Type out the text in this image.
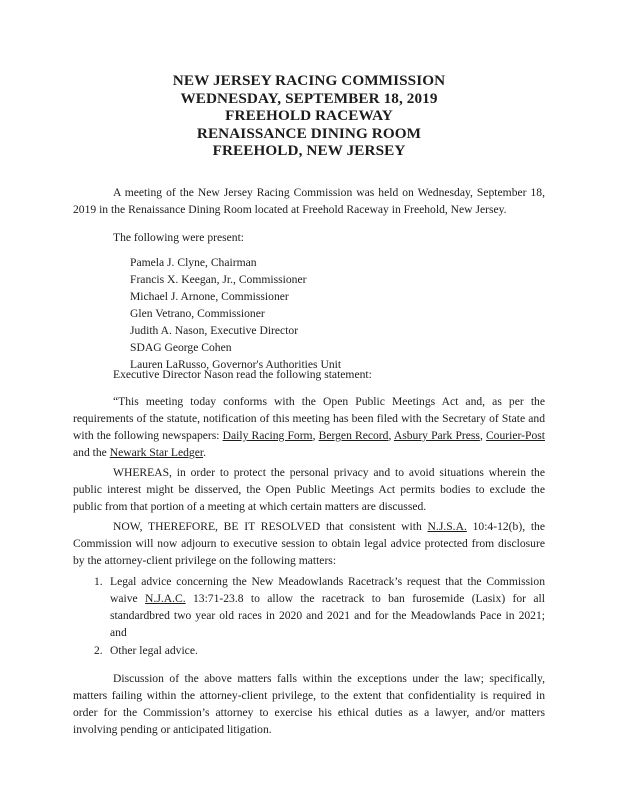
NEW JERSEY RACING COMMISSION
WEDNESDAY, SEPTEMBER 18, 2019
FREEHOLD RACEWAY
RENAISSANCE DINING ROOM
FREEHOLD, NEW JERSEY
A meeting of the New Jersey Racing Commission was held on Wednesday, September 18, 2019 in the Renaissance Dining Room located at Freehold Raceway in Freehold, New Jersey.
The following were present:
Pamela J. Clyne, Chairman
Francis X. Keegan, Jr., Commissioner
Michael J. Arnone, Commissioner
Glen Vetrano, Commissioner
Judith A. Nason, Executive Director
SDAG George Cohen
Lauren LaRusso, Governor's Authorities Unit
Executive Director Nason read the following statement:
“This meeting today conforms with the Open Public Meetings Act and, as per the requirements of the statute, notification of this meeting has been filed with the Secretary of State and with the following newspapers: Daily Racing Form, Bergen Record, Asbury Park Press, Courier-Post and the Newark Star Ledger.
WHEREAS, in order to protect the personal privacy and to avoid situations wherein the public interest might be disserved, the Open Public Meetings Act permits bodies to exclude the public from that portion of a meeting at which certain matters are discussed.
NOW, THEREFORE, BE IT RESOLVED that consistent with N.J.S.A. 10:4-12(b), the Commission will now adjourn to executive session to obtain legal advice protected from disclosure by the attorney-client privilege on the following matters:
1. Legal advice concerning the New Meadowlands Racetrack’s request that the Commission waive N.J.A.C. 13:71-23.8 to allow the racetrack to ban furosemide (Lasix) for all standardbred two year old races in 2020 and 2021 and for the Meadowlands Pace in 2021; and
2. Other legal advice.
Discussion of the above matters falls within the exceptions under the law; specifically, matters failing within the attorney-client privilege, to the extent that confidentiality is required in order for the Commission’s attorney to exercise his ethical duties as a lawyer, and/or matters involving pending or anticipated litigation.
